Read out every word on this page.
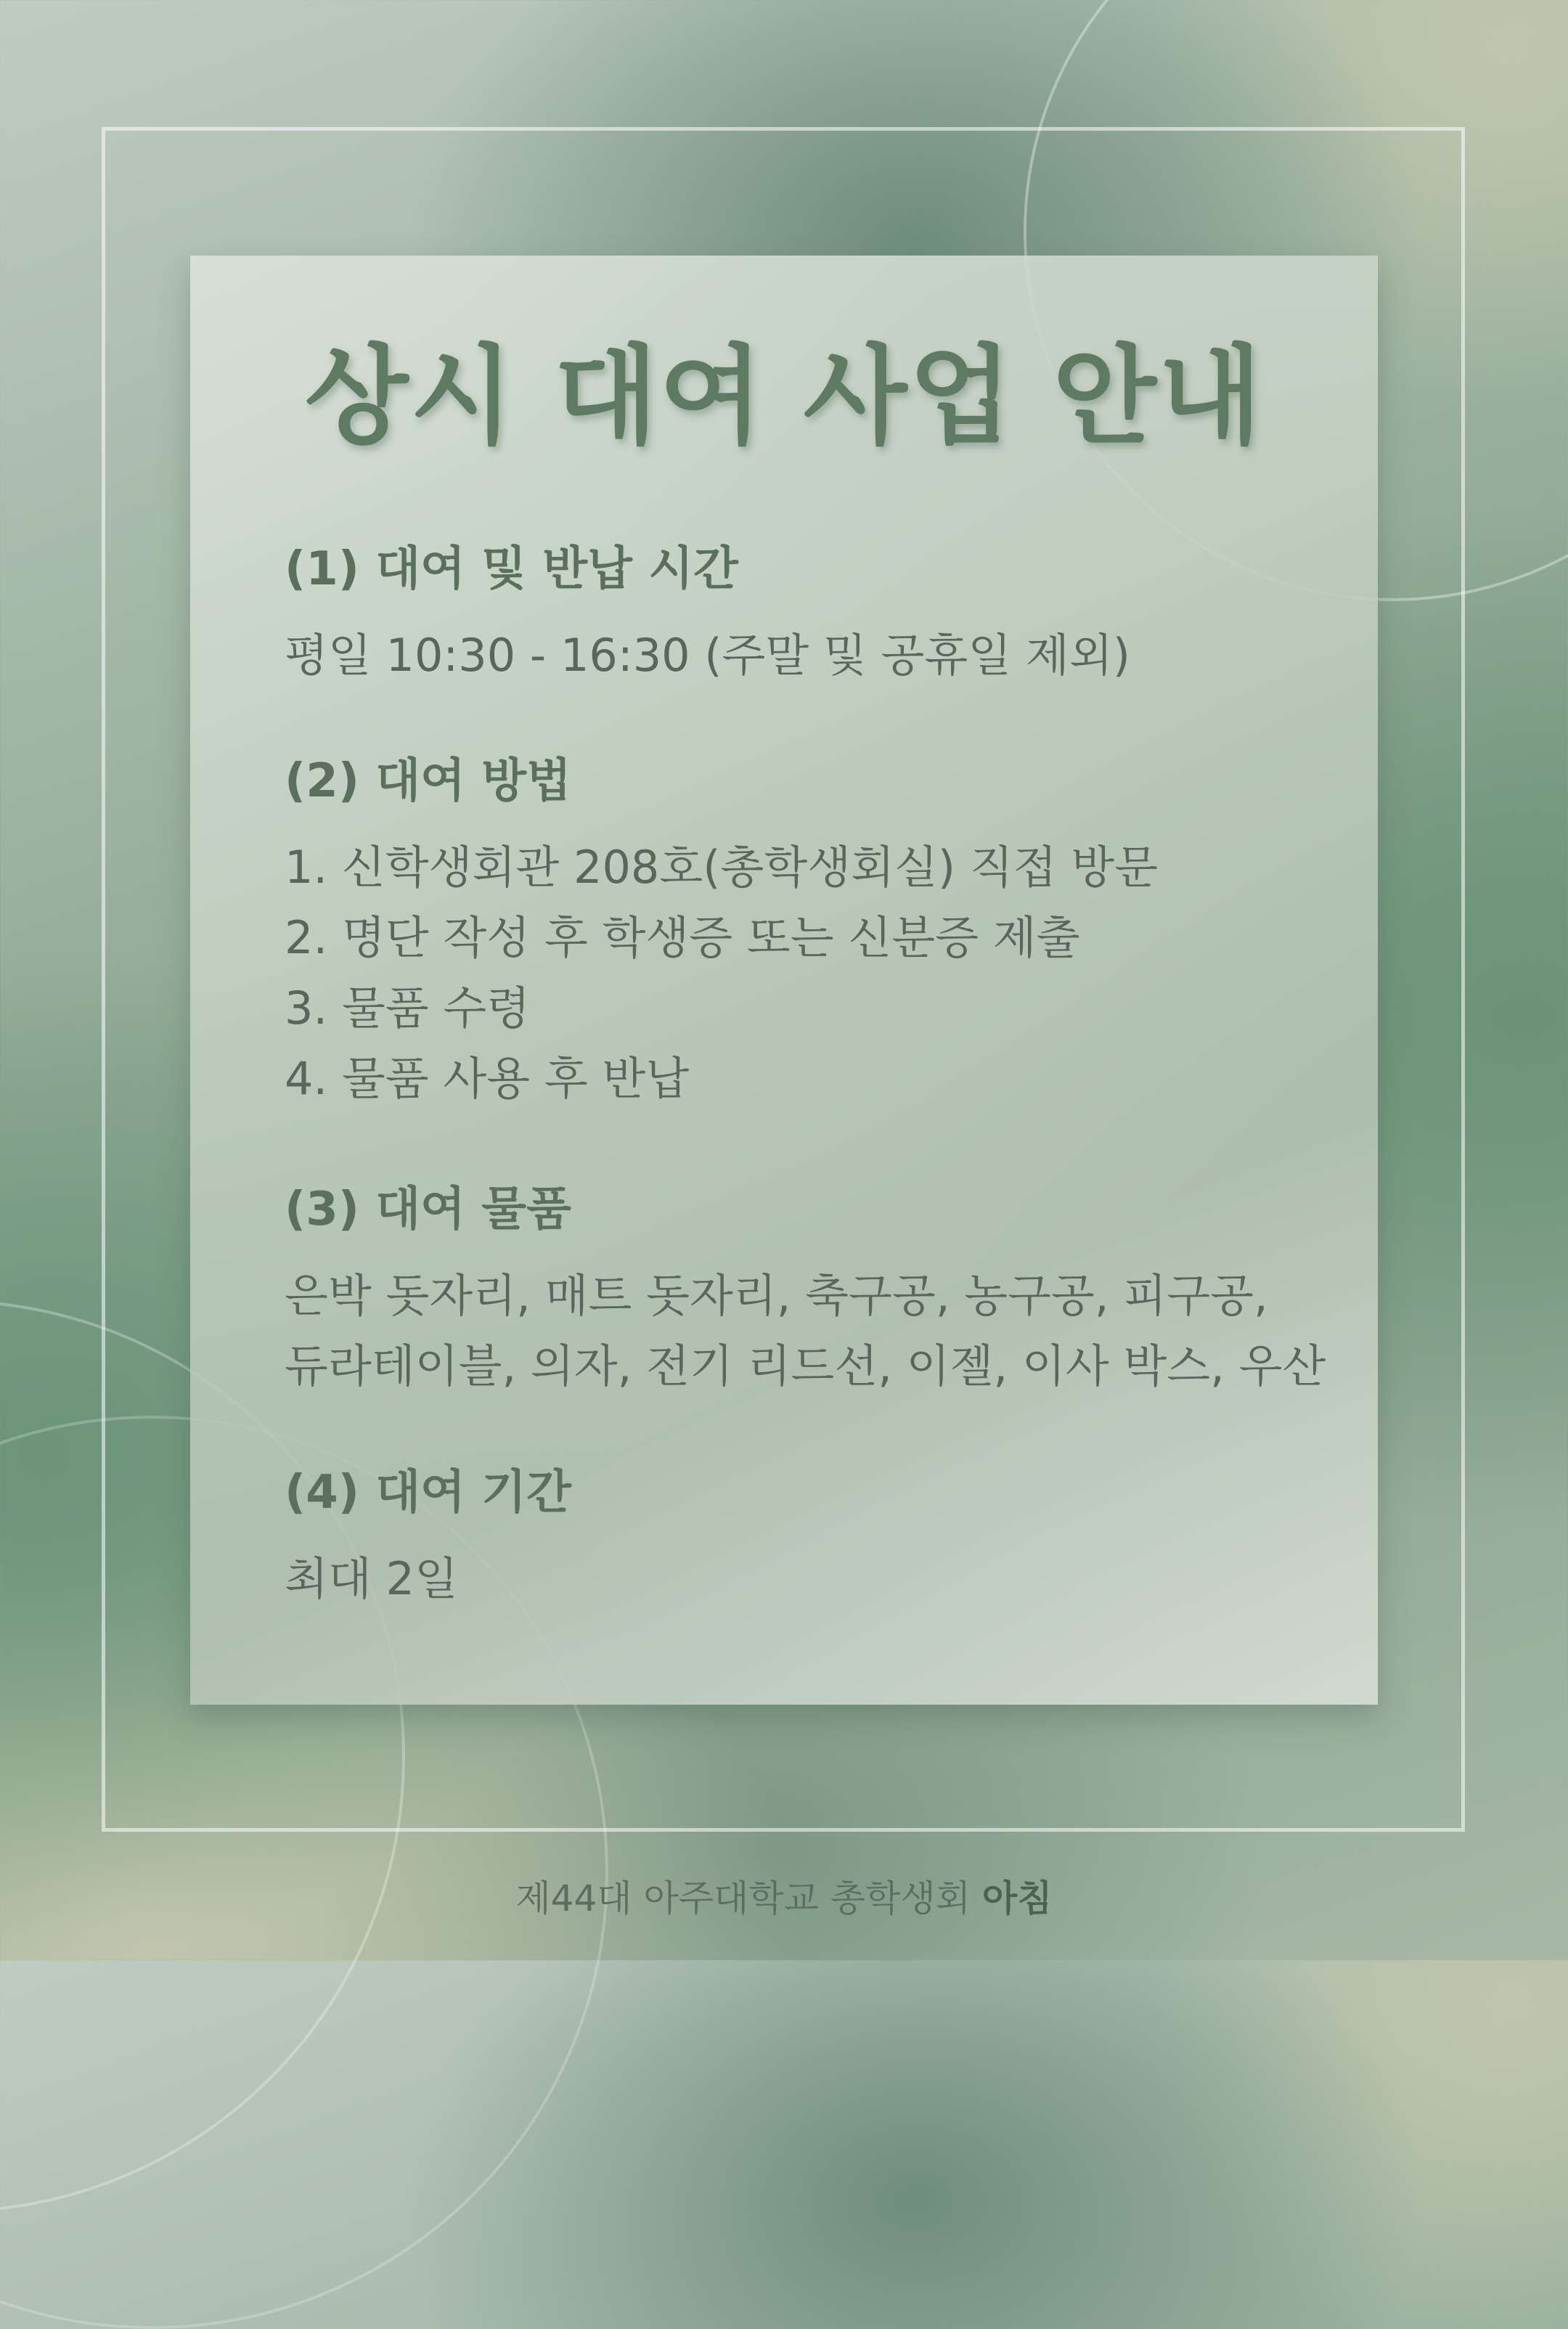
상시 대여 사업 안내

(1) 대여 및 반납 시간

평일 10:30 - 16:30 (주말 및 공휴일 제외)

(2) 대여 방법

1. 신학생회관 208호(총학생회실) 직접 방문

2. 명단 작성 후 학생증 또는 신분증 제출

3. 물품 수령

4. 물품 사용 후 반납

(3) 대여 물품

은박 돗자리, 매트 돗자리, 축구공, 농구공, 피구공,

듀라테이블, 의자, 전기 리드선, 이젤, 이사 박스, 우산

(4) 대여 기간

최대 2일

제44대 아주대학교 총학생회 아침
